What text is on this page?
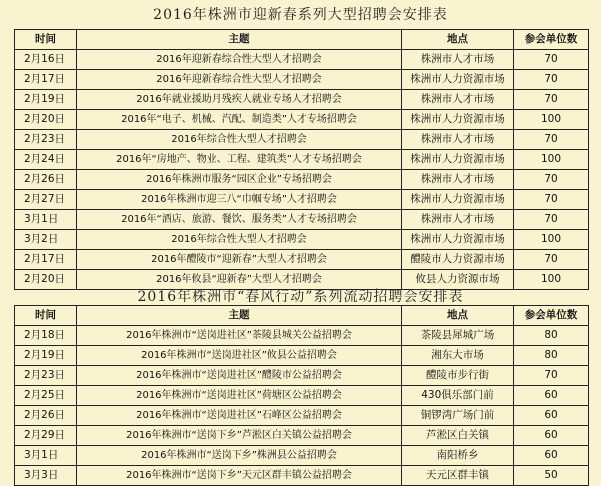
2016年株洲市迎新春系列大型招聘会安排表
时间	主题	地点	参会单位数
2月16日	2016年迎新春综合性大型人才招聘会	株洲市人才市场	70
2月17日	2016年迎新春综合性大型人才招聘会	株洲市人力资源市场	70
2月19日	2016年就业援助月残疾人就业专场人才招聘会	株洲市人才市场	70
2月20日	2016年“电子、机械、汽配、制造类”人才专场招聘会	株洲市人力资源市场	100
2月23日	2016年综合性大型人才招聘会	株洲市人才市场	70
2月24日	2016年“房地产、物业、工程、建筑类”人才专场招聘会	株洲市人力资源市场	100
2月26日	2016年株洲市服务“园区企业”专场招聘会	株洲市人才市场	70
2月27日	2016年株洲市迎三八“巾帼专场”人才招聘会	株洲市人力资源市场	70
3月1日	2016年“酒店、旅游、餐饮、服务类”人才专场招聘会	株洲市人才市场	70
3月2日	2016年综合性大型人才招聘会	株洲市人力资源市场	100
2月17日	2016年醴陵市“迎新春”大型人才招聘会	醴陵市人力资源市场	70
2月20日	2016年攸县“迎新春”大型人才招聘会	攸县人力资源市场	100
2016年株洲市“春风行动”系列流动招聘会安排表
时间	主题	地点	参会单位数
2月18日	2016年株洲市“送岗进社区”茶陵县城关公益招聘会	茶陵县犀城广场	80
2月19日	2016年株洲市“送岗进社区”攸县公益招聘会	湘东大市场	80
2月23日	2016年株洲市“送岗进社区”醴陵市公益招聘会	醴陵市步行街	70
2月25日	2016年株洲市“送岗进社区”荷塘区公益招聘会	430俱乐部门前	60
2月26日	2016年株洲市“送岗进社区”石峰区公益招聘会	铜锣湾广场门前	60
2月29日	2016年株洲市“送岗下乡”芦淞区白关镇公益招聘会	芦淞区白关镇	60
3月1日	2016年株洲市“送岗下乡”株洲县公益招聘会	南阳桥乡	60
3月3日	2016年株洲市“送岗下乡”天元区群丰镇公益招聘会	天元区群丰镇	50
